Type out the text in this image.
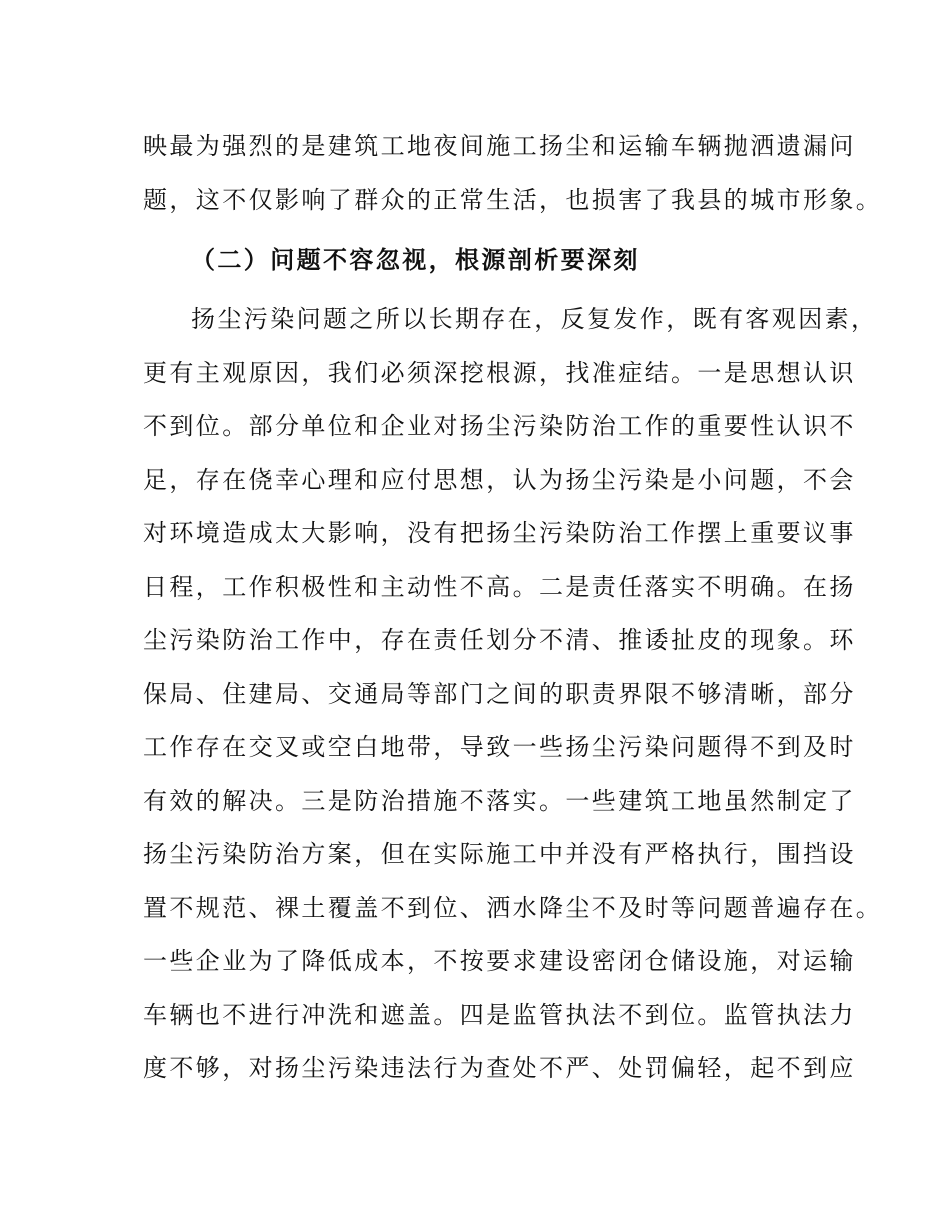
映最为强烈的是建筑工地夜间施工扬尘和运输车辆抛洒遗漏问
题，这不仅影响了群众的正常生活，也损害了我县的城市形象。
（二）问题不容忽视，根源剖析要深刻
扬尘污染问题之所以长期存在，反复发作，既有客观因素，
更有主观原因，我们必须深挖根源，找准症结。一是思想认识
不到位。部分单位和企业对扬尘污染防治工作的重要性认识不
足，存在侥幸心理和应付思想，认为扬尘污染是小问题，不会
对环境造成太大影响，没有把扬尘污染防治工作摆上重要议事
日程，工作积极性和主动性不高。二是责任落实不明确。在扬
尘污染防治工作中，存在责任划分不清、推诿扯皮的现象。环
保局、住建局、交通局等部门之间的职责界限不够清晰，部分
工作存在交叉或空白地带，导致一些扬尘污染问题得不到及时
有效的解决。三是防治措施不落实。一些建筑工地虽然制定了
扬尘污染防治方案，但在实际施工中并没有严格执行，围挡设
置不规范、裸土覆盖不到位、洒水降尘不及时等问题普遍存在。
一些企业为了降低成本，不按要求建设密闭仓储设施，对运输
车辆也不进行冲洗和遮盖。四是监管执法不到位。监管执法力
度不够，对扬尘污染违法行为查处不严、处罚偏轻，起不到应
